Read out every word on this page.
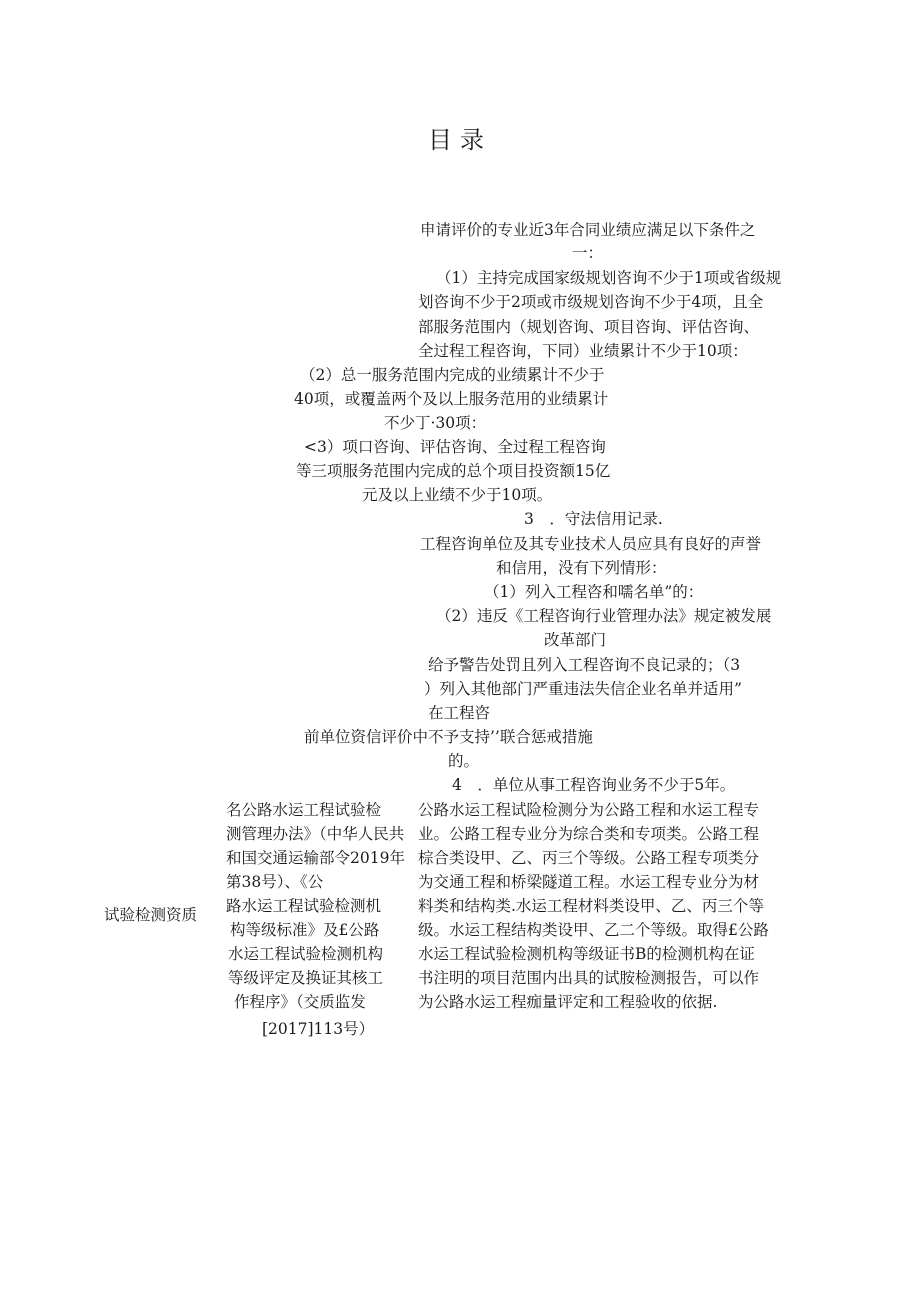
目录
申请评价的专业近3年合同业绩应满足以下条件之
一：
（1）主持完成国家级规划咨询不少于1项或省级规
划咨询不少于2项或市级规划咨询不少于4项，且全
部服务范围内（规划咨询、项目咨询、评估咨询、
全过程工程咨询，下同）业绩累计不少于10项：
（2）总一服务范围内完成的业绩累计不少于
40项，或覆盖两个及以上服务范用的业绩累计
不少丁·30项：
<3）项口咨询、评估咨询、全过程工程咨询
等三项服务范围内完成的总个项目投资额15亿
元及以上业绩不少于10项。
3　．守法信用记录.
工程咨询单位及其专业技术人员应具有良好的声誉
和信用，没有下列情形：
（1）列入工程咨和嚅名单”的：
（2）违反《工程咨询行业管理办法》规定被发展
改革部门
给予警告处罚且列入工程咨询不良记录的；（3
）列入其他部门严重违法失信企业名单并适用”
在工程咨
前单位资信评价中不予支持’’联合惩戒措施
的。
4　．单位从事工程咨询业务不少于5年。
试验检测资质
名公路水运工程试验检
测管理办法》（中华人民共
和国交通运输部令2019年
第38号）、《公
路水运工程试验检测机
构等级标准》及£公路
水运工程试验检测机构
等级评定及换证其核工
作程序》（交质监发
[2017]113号）
公路水运工程试险检测分为公路工程和水运工程专
业。公路工程专业分为综合类和专项类。公路工程
棕合类设甲、乙、丙三个等级。公路工程专项类分
为交通工程和桥梁隧道工程。水运工程专业分为材
料类和结构类.水运工程材料类设甲、乙、丙三个等
级。水运工程结构类设甲、乙二个等级。取得£公路
水运工程试验检测机构等级证书B的检测机构在证
书注明的项目范围内出具的试胺检测报告，可以作
为公路水运工程痂量评定和工程验收的依据.
